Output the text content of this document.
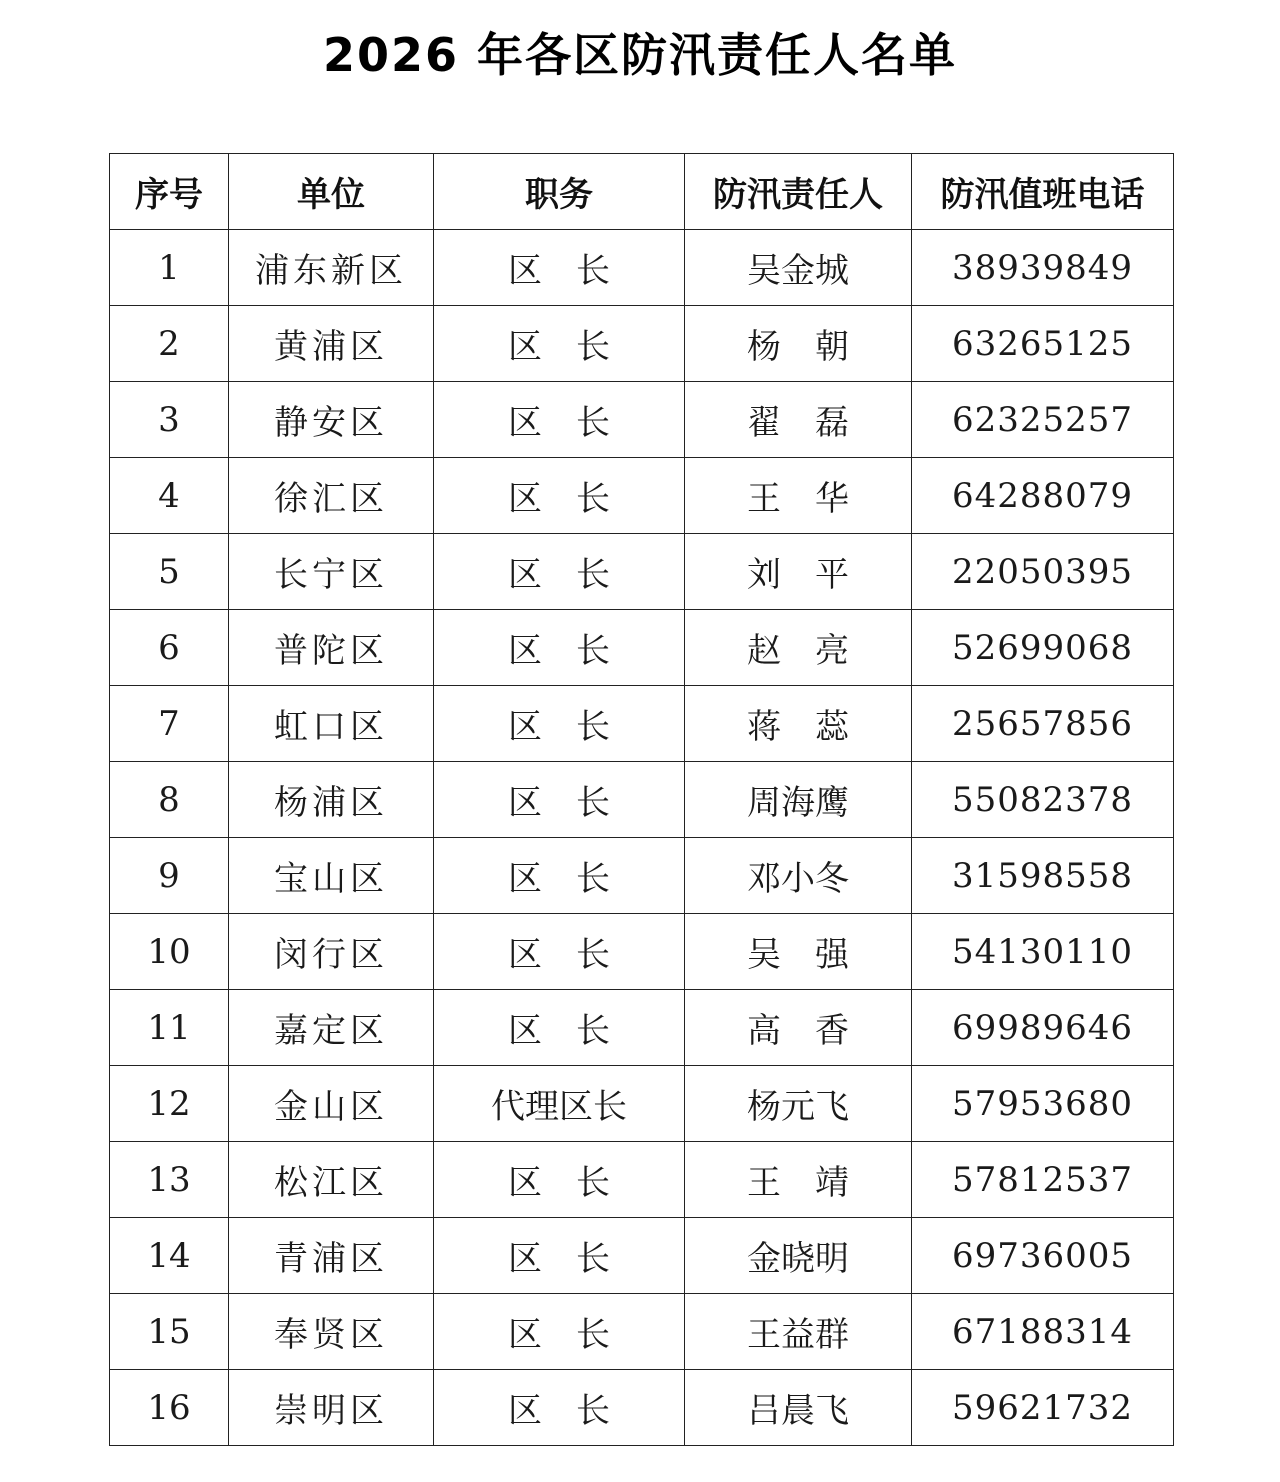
2026 年各区防汛责任人名单
序号	单位	职务	防汛责任人	防汛值班电话
1	浦东新区	区　长	吴金城	38939849
2	黄浦区	区　长	杨　朝	63265125
3	静安区	区　长	翟　磊	62325257
4	徐汇区	区　长	王　华	64288079
5	长宁区	区　长	刘　平	22050395
6	普陀区	区　长	赵　亮	52699068
7	虹口区	区　长	蒋　蕊	25657856
8	杨浦区	区　长	周海鹰	55082378
9	宝山区	区　长	邓小冬	31598558
10	闵行区	区　长	吴　强	54130110
11	嘉定区	区　长	高　香	69989646
12	金山区	代理区长	杨元飞	57953680
13	松江区	区　长	王　靖	57812537
14	青浦区	区　长	金晓明	69736005
15	奉贤区	区　长	王益群	67188314
16	崇明区	区　长	吕晨飞	59621732
